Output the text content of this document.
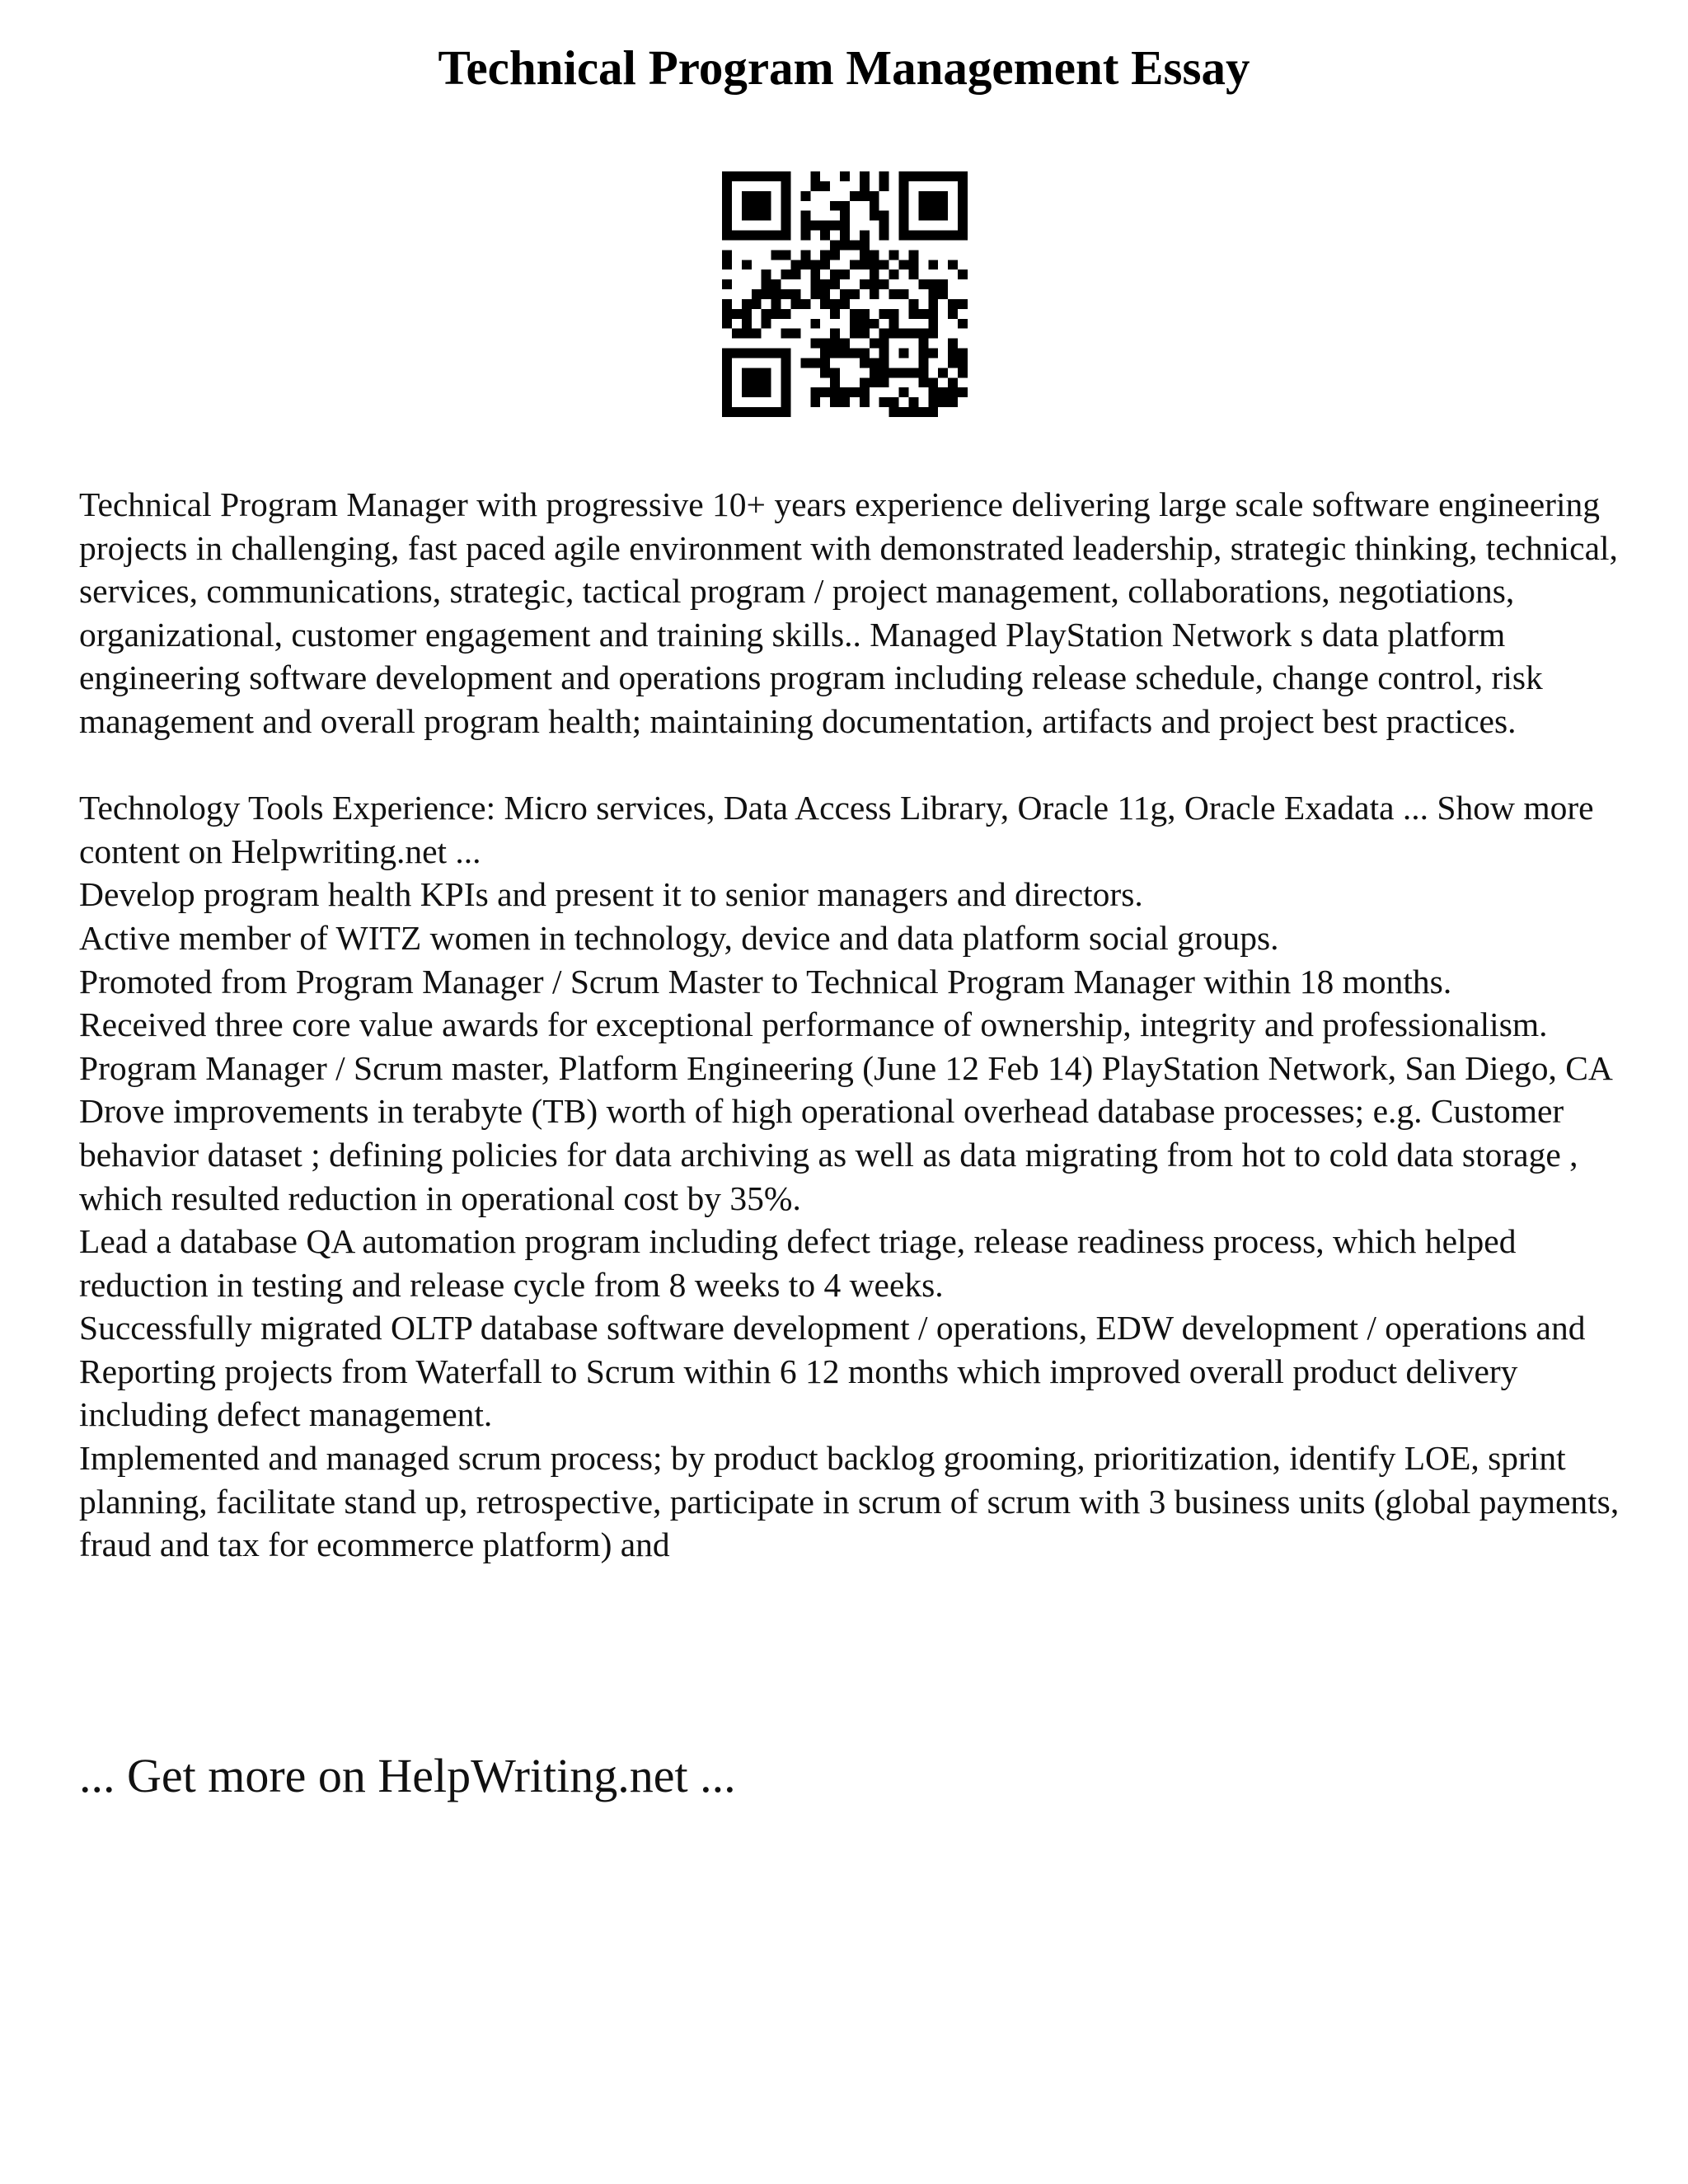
Technical Program Management Essay

Technical Program Manager with progressive 10+ years experience delivering large scale software engineering projects in challenging, fast paced agile environment with demonstrated leadership, strategic thinking, technical, services, communications, strategic, tactical program / project management, collaborations, negotiations, organizational, customer engagement and training skills.. Managed PlayStation Network s data platform engineering software development and operations program including release schedule, change control, risk management and overall program health; maintaining documentation, artifacts and project best practices.

Technology Tools Experience: Micro services, Data Access Library, Oracle 11g, Oracle Exadata ... Show more content on Helpwriting.net ...

Develop program health KPIs and present it to senior managers and directors.

Active member of WITZ women in technology, device and data platform social groups.

Promoted from Program Manager / Scrum Master to Technical Program Manager within 18 months.

Received three core value awards for exceptional performance of ownership, integrity and professionalism.

Program Manager / Scrum master, Platform Engineering (June 12 Feb 14) PlayStation Network, San Diego, CA

Drove improvements in terabyte (TB) worth of high operational overhead database processes; e.g. Customer behavior dataset ; defining policies for data archiving as well as data migrating from hot to cold data storage , which resulted reduction in operational cost by 35%.

Lead a database QA automation program including defect triage, release readiness process, which helped reduction in testing and release cycle from 8 weeks to 4 weeks.

Successfully migrated OLTP database software development / operations, EDW development / operations and Reporting projects from Waterfall to Scrum within 6 12 months which improved overall product delivery including defect management.

Implemented and managed scrum process; by product backlog grooming, prioritization, identify LOE, sprint planning, facilitate stand up, retrospective, participate in scrum of scrum with 3 business units (global payments, fraud and tax for ecommerce platform) and

... Get more on HelpWriting.net ...
